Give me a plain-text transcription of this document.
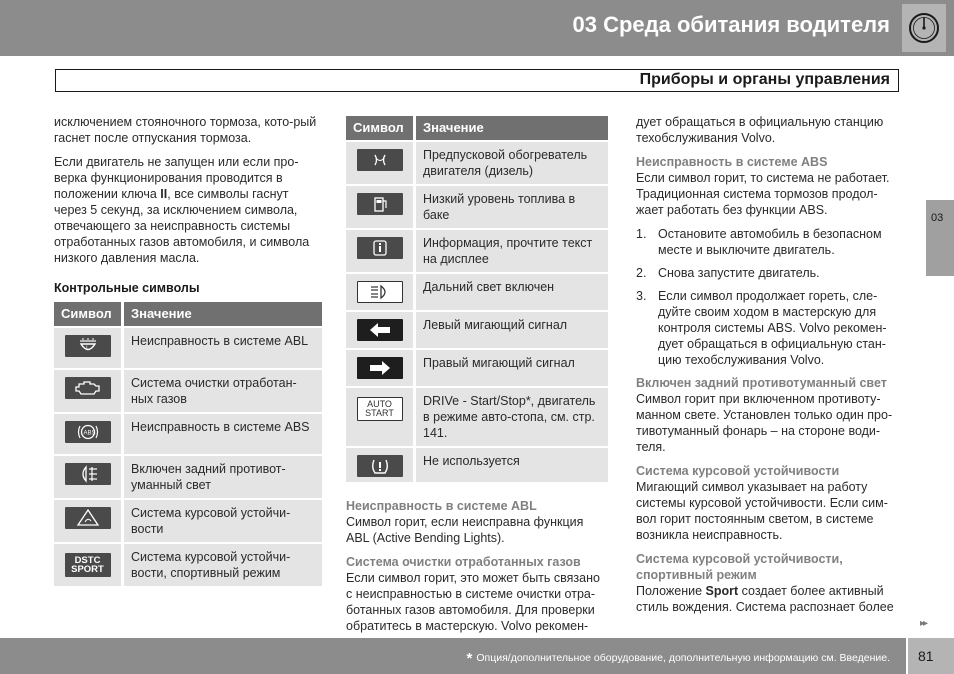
03 Среда обитания водителя
Приборы и органы управления

исключением стояночного тормоза, кото-рый гаснет после отпускания тормоза.

Если двигатель не запущен или если про-верка функционирования проводится в положении ключа II, все символы гаснут через 5 секунд, за исключением символа, отвечающего за неисправность системы отработанных газов автомобиля, и символа низкого давления масла.

Контрольные символы
Символ	Значение

!	Неисправность в системе ABL

	Система очистки отработан-ных газов

ABS	Неисправность в системе ABS

	Включен задний противот-уманный свет

	Система курсовой устойчи-вости

DSTC
SPORT	Система курсовой устойчи-вости, спортивный режим
Символ	Значение

	Предпусковой обогреватель двигателя (дизель)

	Низкий уровень топлива в баке

	Информация, прочтите текст на дисплее

	Дальний свет включен

	Левый мигающий сигнал

	Правый мигающий сигнал

AUTO
START	DRIVe - Start/Stop*, двигатель в режиме авто-стопа, см. стр. 141.

	Не используется
Неисправность в системе ABL

Символ горит, если неисправна функция ABL (Active Bending Lights).

Система очистки отработанных газов

Если символ горит, это может быть связано с неисправностью в системе очистки отра-ботанных газов автомобиля. Для проверки обратитесь в мастерскую. Volvo рекомен-

дует обращаться в официальную станцию техобслуживания Volvo.

Неисправность в системе ABS

Если символ горит, то система не работает. Традиционная система тормозов продол-жает работать без функции ABS.

1. Остановите автомобиль в безопасном месте и выключите двигатель.
2. Снова запустите двигатель.
3. Если символ продолжает гореть, сле-дуйте своим ходом в мастерскую для контроля системы ABS. Volvo рекомен-дует обращаться в официальную стан-цию техобслуживания Volvo.
Включен задний противотуманный свет

Символ горит при включенном противоту-манном свете. Установлен только один про-тивотуманный фонарь – на стороне води-теля.

Система курсовой устойчивости

Мигающий символ указывает на работу системы курсовой устойчивости. Если сим-вол горит постоянным светом, в системе возникла неисправность.

Система курсовой устойчивости, спортивный режим

Положение Sport создает более активный стиль вождения. Система распознает более

03
▸▸
* Опция/дополнительное оборудование, дополнительную информацию см. Введение. 81
